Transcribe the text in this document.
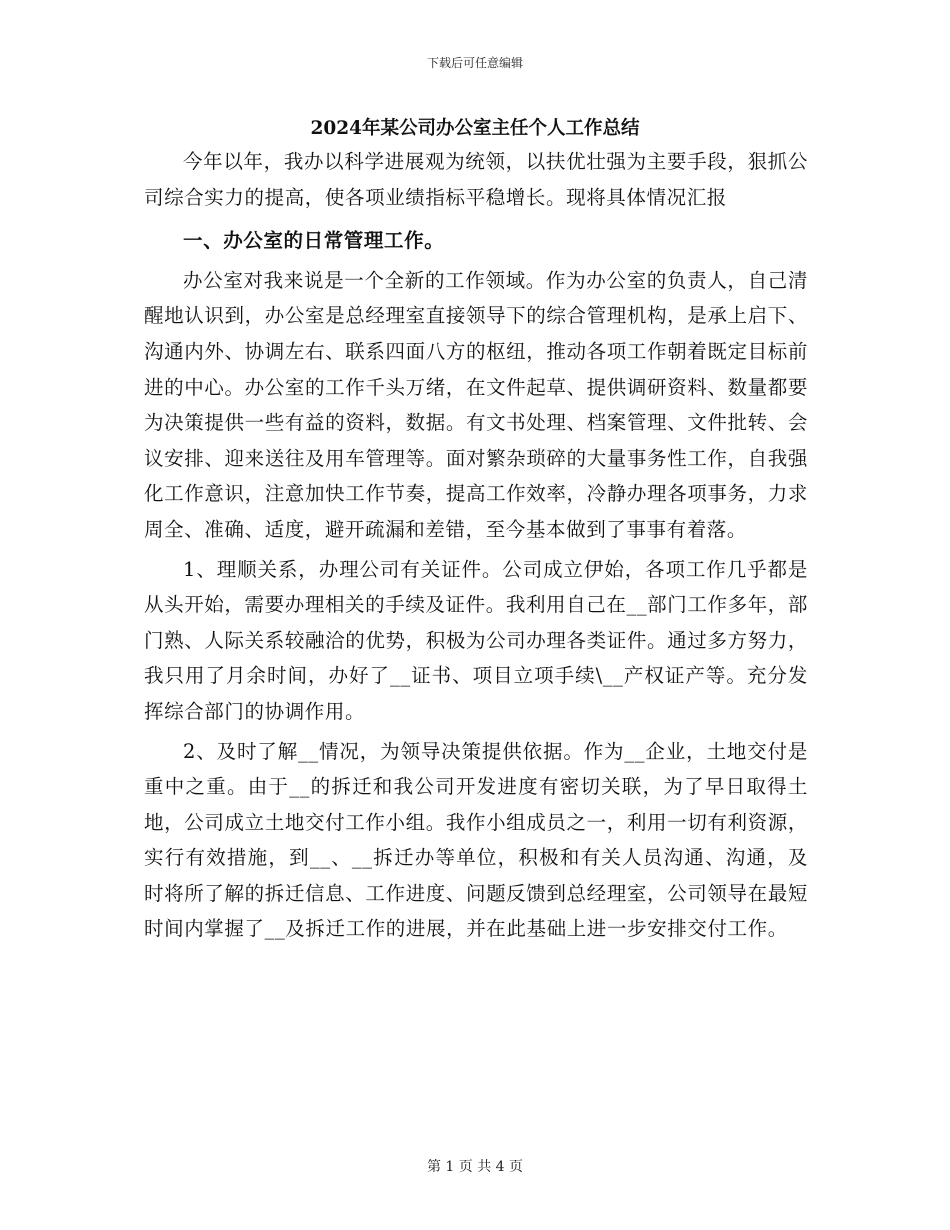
下载后可任意编辑
2024年某公司办公室主任个人工作总结

今年以年，我办以科学进展观为统领，以扶优壮强为主要手段，狠抓公司综合实力的提高，使各项业绩指标平稳增长。现将具体情况汇报

一、办公室的日常管理工作。

办公室对我来说是一个全新的工作领域。作为办公室的负责人，自己清醒地认识到，办公室是总经理室直接领导下的综合管理机构，是承上启下、沟通内外、协调左右、联系四面八方的枢纽，推动各项工作朝着既定目标前进的中心。办公室的工作千头万绪，在文件起草、提供调研资料、数量都要为决策提供一些有益的资料，数据。有文书处理、档案管理、文件批转、会议安排、迎来送往及用车管理等。面对繁杂琐碎的大量事务性工作，自我强化工作意识，注意加快工作节奏，提高工作效率，冷静办理各项事务，力求周全、准确、适度，避开疏漏和差错，至今基本做到了事事有着落。

1、理顺关系，办理公司有关证件。公司成立伊始，各项工作几乎都是从头开始，需要办理相关的手续及证件。我利用自己在__部门工作多年，部门熟、人际关系较融洽的优势，积极为公司办理各类证件。通过多方努力，我只用了月余时间，办好了__证书、项目立项手续\__产权证产等。充分发挥综合部门的协调作用。

2、及时了解__情况，为领导决策提供依据。作为__企业，土地交付是重中之重。由于__的拆迁和我公司开发进度有密切关联，为了早日取得土地，公司成立土地交付工作小组。我作小组成员之一，利用一切有利资源，实行有效措施，到__、__拆迁办等单位，积极和有关人员沟通、沟通，及时将所了解的拆迁信息、工作进度、问题反馈到总经理室，公司领导在最短时间内掌握了__及拆迁工作的进展，并在此基础上进一步安排交付工作。

第 1 页 共 4 页
